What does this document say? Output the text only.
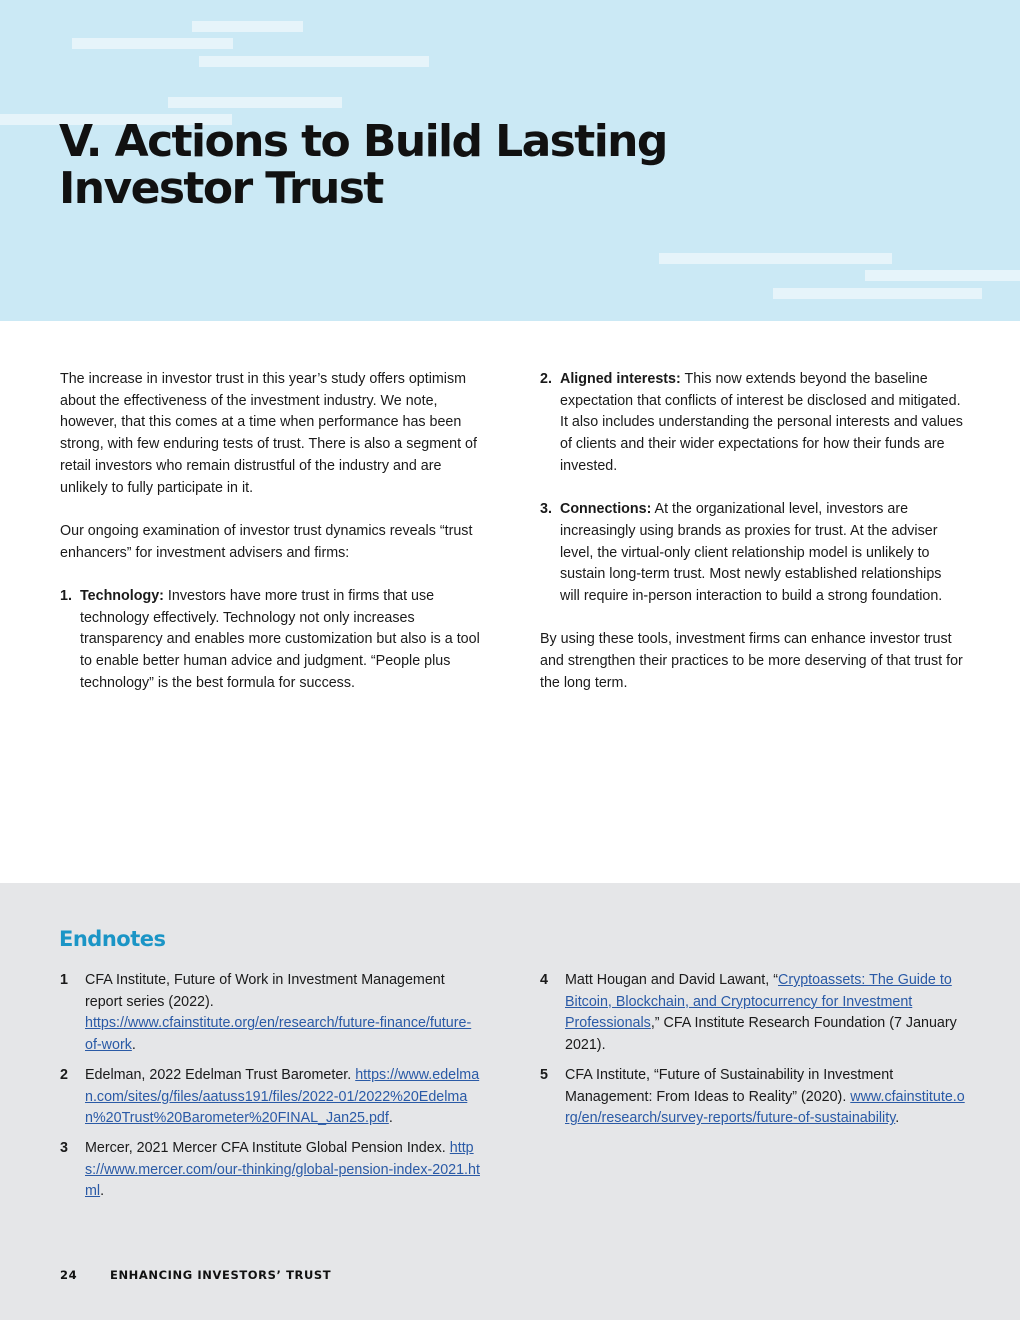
V. Actions to Build Lasting
Investor Trust

The increase in investor trust in this year’s study offers optimism about the effectiveness of the investment industry. We note, however, that this comes at a time when performance has been strong, with few enduring tests of trust. There is also a segment of retail investors who remain distrustful of the industry and are unlikely to fully participate in it.

Our ongoing examination of investor trust dynamics reveals “trust enhancers” for investment advisers and firms:

1. Technology: Investors have more trust in firms that use technology effectively. Technology not only increases transparency and enables more customization but also is a tool to enable better human advice and judgment. “People plus technology” is the best formula for success.
2. Aligned interests: This now extends beyond the baseline expectation that conflicts of interest be disclosed and mitigated. It also includes understanding the personal interests and values of clients and their wider expectations for how their funds are invested.
3. Connections: At the organizational level, investors are increasingly using brands as proxies for trust. At the adviser level, the virtual-only client relationship model is unlikely to sustain long-term trust. Most newly established relationships will require in-person interaction to build a strong foundation.

By using these tools, investment firms can enhance investor trust and strengthen their practices to be more deserving of that trust for the long term.

Endnotes
1	CFA Institute, Future of Work in Investment Management report series (2022). https://www.cfainstitute.org/en/research/future-finance/future-of-work.
2	Edelman, 2022 Edelman Trust Barometer. https://www.edelman.com/sites/g/files/aatuss191/files/2022-01/2022%20Edelman%20Trust%20Barometer%20FINAL_Jan25.pdf.
3	Mercer, 2021 Mercer CFA Institute Global Pension Index. https://www.mercer.com/our-thinking/global-pension-index-2021.html.
4	Matt Hougan and David Lawant, “Cryptoassets: The Guide to Bitcoin, Blockchain, and Cryptocurrency for Investment Professionals,” CFA Institute Research Foundation (7 January 2021).
5	CFA Institute, “Future of Sustainability in Investment Management: From Ideas to Reality” (2020). www.cfainstitute.org/en/research/survey-reports/future-of-sustainability.
24	ENHANCING INVESTORS’ TRUST
